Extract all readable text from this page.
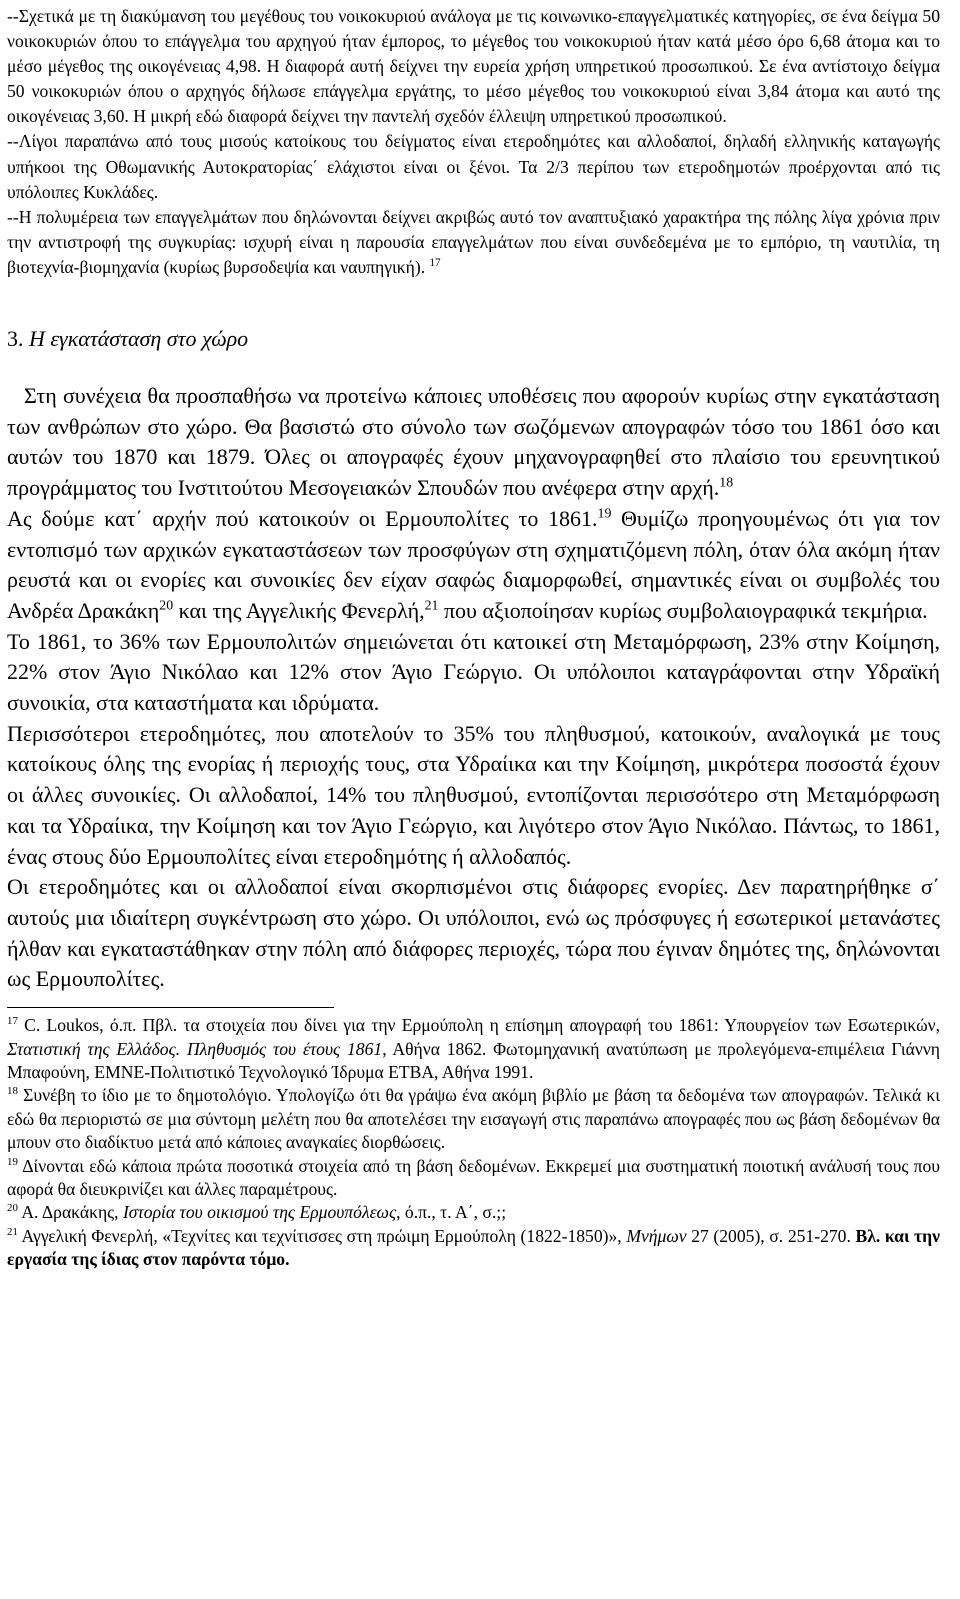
--Σχετικά με τη διακύμανση του μεγέθους του νοικοκυριού ανάλογα με τις κοινωνικο-επαγγελματικές κατηγορίες, σε ένα δείγμα 50 νοικοκυριών όπου το επάγγελμα του αρχηγού ήταν έμπορος, το μέγεθος του νοικοκυριού ήταν κατά μέσο όρο 6,68 άτομα και το μέσο μέγεθος της οικογένειας 4,98. Η διαφορά αυτή δείχνει την ευρεία χρήση υπηρετικού προσωπικού. Σε ένα αντίστοιχο δείγμα 50 νοικοκυριών όπου ο αρχηγός δήλωσε επάγγελμα εργάτης, το μέσο μέγεθος του νοικοκυριού είναι 3,84 άτομα και αυτό της οικογένειας 3,60. Η μικρή εδώ διαφορά δείχνει την παντελή σχεδόν έλλειψη υπηρετικού προσωπικού.

--Λίγοι παραπάνω από τους μισούς κατοίκους του δείγματος είναι ετεροδημότες και αλλοδαποί, δηλαδή ελληνικής καταγωγής υπήκοοι της Οθωμανικής Αυτοκρατορίας΄ ελάχιστοι είναι οι ξένοι. Τα 2/3 περίπου των ετεροδημοτών προέρχονται από τις υπόλοιπες Κυκλάδες.

--Η πολυμέρεια των επαγγελμάτων που δηλώνονται δείχνει ακριβώς αυτό τον αναπτυξιακό χαρακτήρα της πόλης λίγα χρόνια πριν την αντιστροφή της συγκυρίας: ισχυρή είναι η παρουσία επαγγελμάτων που είναι συνδεδεμένα με το εμπόριο, τη ναυτιλία, τη βιοτεχνία-βιομηχανία (κυρίως βυρσοδεψία και ναυπηγική). $^{17}$

3. Η εγκατάσταση στο χώρο

Στη συνέχεια θα προσπαθήσω να προτείνω κάποιες υποθέσεις που αφορούν κυρίως στην εγκατάσταση των ανθρώπων στο χώρο. Θα βασιστώ στο σύνολο των σωζόμενων απογραφών τόσο του 1861 όσο και αυτών του 1870 και 1879. Όλες οι απογραφές έχουν μηχανογραφηθεί στο πλαίσιο του ερευνητικού προγράμματος του Ινστιτούτου Μεσογειακών Σπουδών που ανέφερα στην αρχή.$^{18}$

Ας δούμε κατ΄ αρχήν πού κατοικούν οι Ερμουπολίτες το 1861.19 Θυμίζω προηγουμένως ότι για τον εντοπισμό των αρχικών εγκαταστάσεων των προσφύγων στη σχηματιζόμενη πόλη, όταν όλα ακόμη ήταν ρευστά και οι ενορίες και συνοικίες δεν είχαν σαφώς διαμορφωθεί, σημαντικές είναι οι συμβολές του Ανδρέα Δρακάκη$^{20}$ και της Αγγελικής Φενερλή,$^{21}$ που αξιοποίησαν κυρίως συμβολαιογραφικά τεκμήρια.

Το 1861, το 36% των Ερμουπολιτών σημειώνεται ότι κατοικεί στη Μεταμόρφωση, 23% στην Κοίμηση, 22% στον Άγιο Νικόλαο και 12% στον Άγιο Γεώργιο. Οι υπόλοιποι καταγράφονται στην Υδραϊκή συνοικία, στα καταστήματα και ιδρύματα.

Περισσότεροι ετεροδημότες, που αποτελούν το 35% του πληθυσμού, κατοικούν, αναλογικά με τους κατοίκους όλης της ενορίας ή περιοχής τους, στα Υδραίικα και την Κοίμηση, μικρότερα ποσοστά έχουν οι άλλες συνοικίες. Οι αλλοδαποί, 14% του πληθυσμού, εντοπίζονται περισσότερο στη Μεταμόρφωση και τα Υδραίικα, την Κοίμηση και τον Άγιο Γεώργιο, και λιγότερο στον Άγιο Νικόλαο. Πάντως, το 1861, ένας στους δύο Ερμουπολίτες είναι ετεροδημότης ή αλλοδαπός.

Οι ετεροδημότες και οι αλλοδαποί είναι σκορπισμένοι στις διάφορες ενορίες. Δεν παρατηρήθηκε σ΄ αυτούς μια ιδιαίτερη συγκέντρωση στο χώρο. Οι υπόλοιποι, ενώ ως πρόσφυγες ή εσωτερικοί μετανάστες ήλθαν και εγκαταστάθηκαν στην πόλη από διάφορες περιοχές, τώρα που έγιναν δημότες της, δηλώνονται ως Ερμουπολίτες.

$^{17}$ C. Loukos, ό.π. Πβλ. τα στοιχεία που δίνει για την Ερμούπολη η επίσημη απογραφή του 1861: Υπουργείον των Εσωτερικών, Στατιστική της Ελλάδος. Πληθυσμός του έτους 1861, Αθήνα 1862. Φωτομηχανική ανατύπωση με προλεγόμενα-επιμέλεια Γιάννη Μπαφούνη, ΕΜΝΕ-Πολιτιστικό Τεχνολογικό Ίδρυμα ΕΤΒΑ, Αθήνα 1991.

$^{18}$ Συνέβη το ίδιο με το δημοτολόγιο. Υπολογίζω ότι θα γράψω ένα ακόμη βιβλίο με βάση τα δεδομένα των απογραφών. Τελικά κι εδώ θα περιοριστώ σε μια σύντομη μελέτη που θα αποτελέσει την εισαγωγή στις παραπάνω απογραφές που ως βάση δεδομένων θα μπουν στο διαδίκτυο μετά από κάποιες αναγκαίες διορθώσεις.

$^{19}$ Δίνονται εδώ κάποια πρώτα ποσοτικά στοιχεία από τη βάση δεδομένων. Εκκρεμεί μια συστηματική ποιοτική ανάλυσή τους που αφορά θα διευκρινίζει και άλλες παραμέτρους.

$^{20}$ Α. Δρακάκης, Ιστορία του οικισμού της Ερμουπόλεως, ό.π., τ. Α΄, σ.;;

$^{21}$ Αγγελική Φενερλή, «Τεχνίτες και τεχνίτισσες στη πρώιμη Ερμούπολη (1822-1850)», Μνήμων 27 (2005), σ. 251-270. Βλ. και την εργασία της ίδιας στον παρόντα τόμο.
